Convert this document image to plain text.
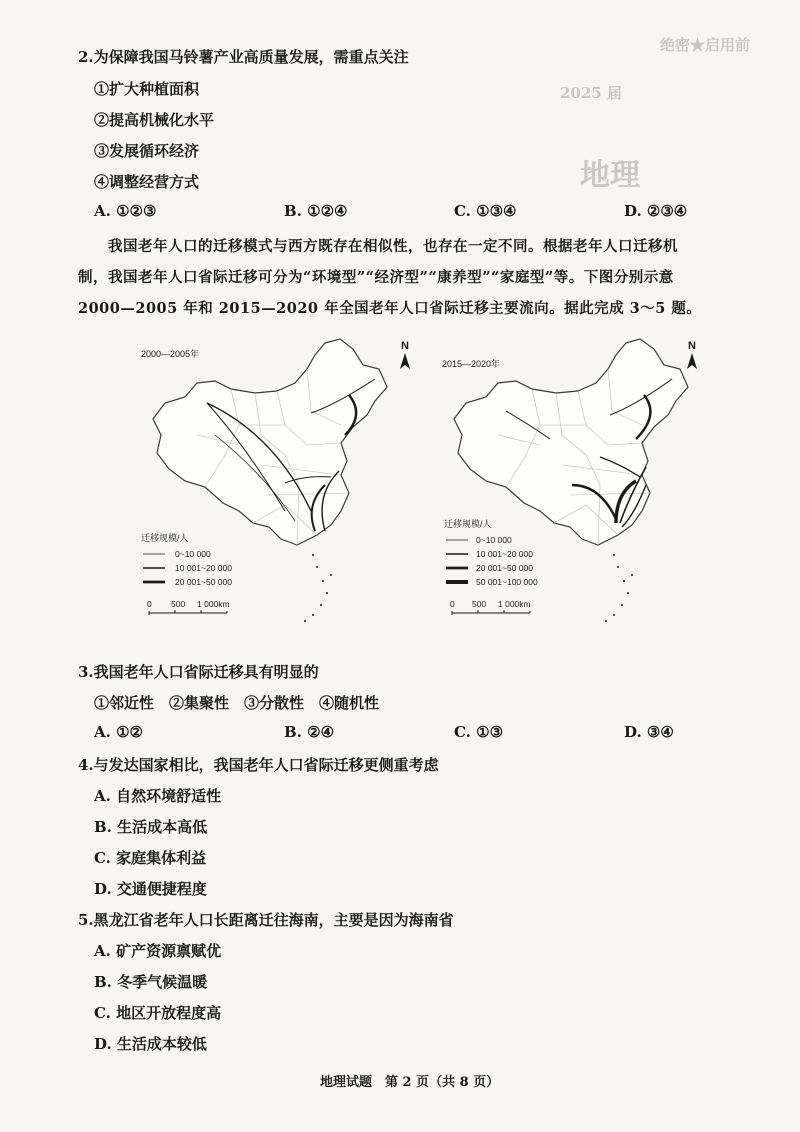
绝密★启用前
2025 届
地理
2.为保障我国马铃薯产业高质量发展，需重点关注
①扩大种植面积
②提高机械化水平
③发展循环经济
④调整经营方式
A. ①②③	B. ①②④	C. ①③④	D. ②③④
我国老年人口的迁移模式与西方既存在相似性，也存在一定不同。根据老年人口迁移机
制，我国老年人口省际迁移可分为“环境型”“经济型”“康养型”“家庭型”等。下图分别示意
2000—2005 年和 2015—2020 年全国老年人口省际迁移主要流向。据此完成 3～5 题。
2000—2005年
N
迁移规模/人
0~10 000
10 001~20 000
20 001~50 000
0 500 1 000km
2015—2020年
N
迁移规模/人
0~10 000
10 001~20 000
20 001~50 000
50 001~100 000
0 500 1 000km
3.我国老年人口省际迁移具有明显的
①邻近性　②集聚性　③分散性　④随机性
A. ①②	B. ②④	C. ①③	D. ③④
4.与发达国家相比，我国老年人口省际迁移更侧重考虑
A. 自然环境舒适性
B. 生活成本高低
C. 家庭集体利益
D. 交通便捷程度
5.黑龙江省老年人口长距离迁往海南，主要是因为海南省
A. 矿产资源禀赋优
B. 冬季气候温暖
C. 地区开放程度高
D. 生活成本较低
地理试题　第 2 页（共 8 页）
